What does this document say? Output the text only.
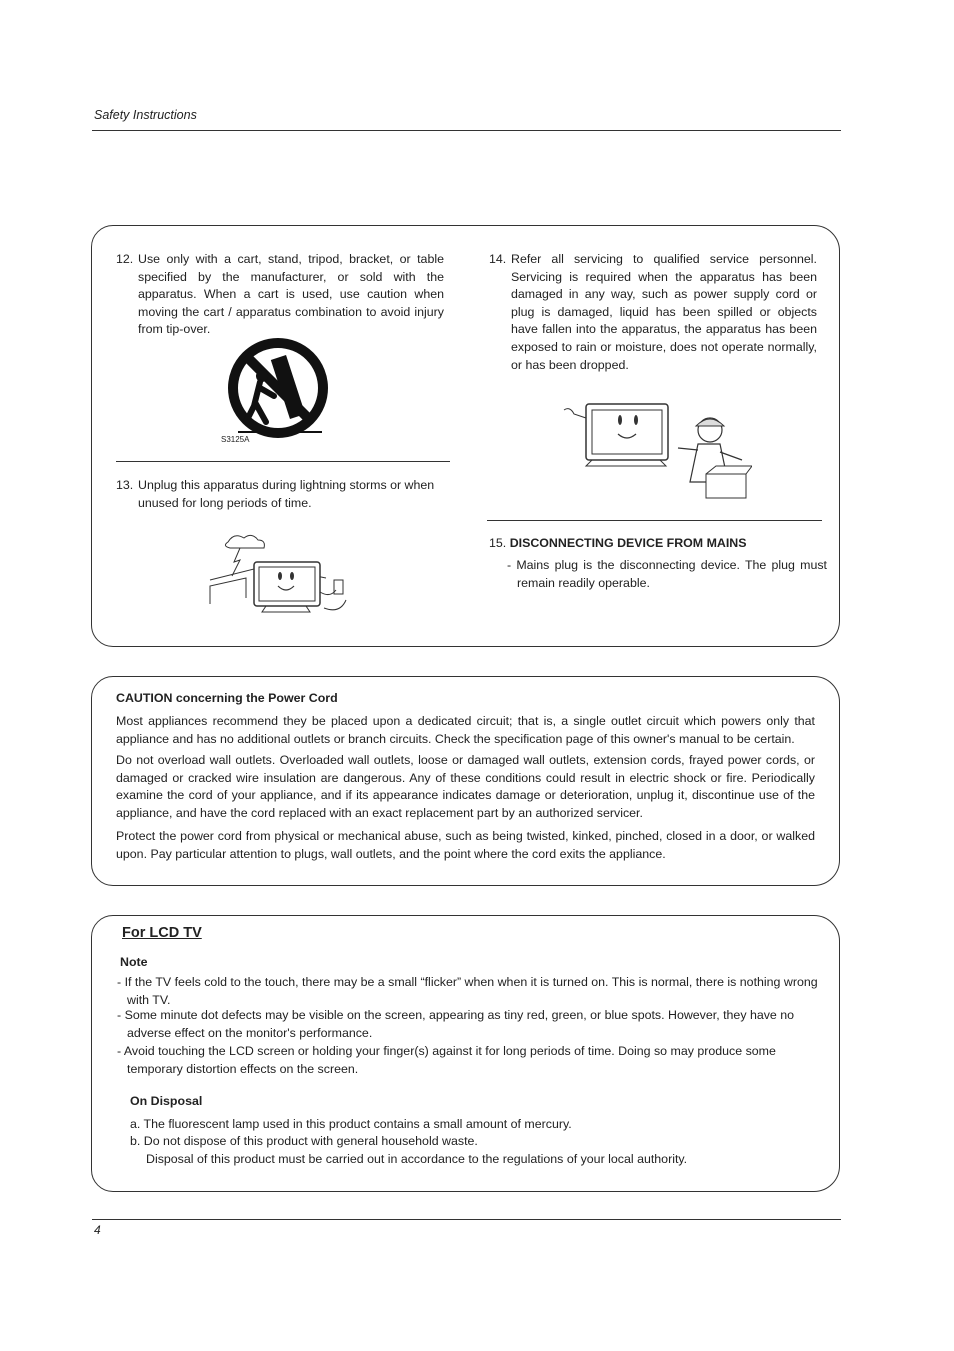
Safety Instructions
12. Use only with a cart, stand, tripod, bracket, or table specified by the manufacturer, or sold with the apparatus. When a cart is used, use caution when moving the cart / apparatus combination to avoid injury from tip-over.

S3125A
13. Unplug this apparatus during lightning storms or when unused for long periods of time.

14. Refer all servicing to qualified service personnel. Servicing is required when the apparatus has been damaged in any way, such as power supply cord or plug is damaged, liquid has been spilled or objects have fallen into the apparatus, the apparatus has been exposed to rain or moisture, does not operate normally, or has been dropped.

15. DISCONNECTING DEVICE FROM MAINS
- Mains plug is the disconnecting device. The plug must remain readily operable.
CAUTION concerning the Power Cord
Most appliances recommend they be placed upon a dedicated circuit; that is, a single outlet circuit which powers only that appliance and has no additional outlets or branch circuits. Check the specification page of this owner's manual to be certain.
Do not overload wall outlets. Overloaded wall outlets, loose or damaged wall outlets, extension cords, frayed power cords, or damaged or cracked wire insulation are dangerous. Any of these conditions could result in electric shock or fire. Periodically examine the cord of your appliance, and if its appearance indicates damage or deterioration, unplug it, discontinue use of the appliance, and have the cord replaced with an exact replacement part by an authorized servicer.
Protect the power cord from physical or mechanical abuse, such as being twisted, kinked, pinched, closed in a door, or walked upon. Pay particular attention to plugs, wall outlets, and the point where the cord exits the appliance.
For LCD TV
Note
- If the TV feels cold to the touch, there may be a small “flicker” when when it is turned on. This is normal, there is nothing wrong with TV.
- Some minute dot defects may be visible on the screen, appearing as tiny red, green, or blue spots. However, they have no adverse effect on the monitor's performance.
- Avoid touching the LCD screen or holding your finger(s) against it for long periods of time. Doing so may produce some temporary distortion effects on the screen.
On Disposal
a. The fluorescent lamp used in this product contains a small amount of mercury.
b. Do not dispose of this product with general household waste.
Disposal of this product must be carried out in accordance to the regulations of your local authority.
4
